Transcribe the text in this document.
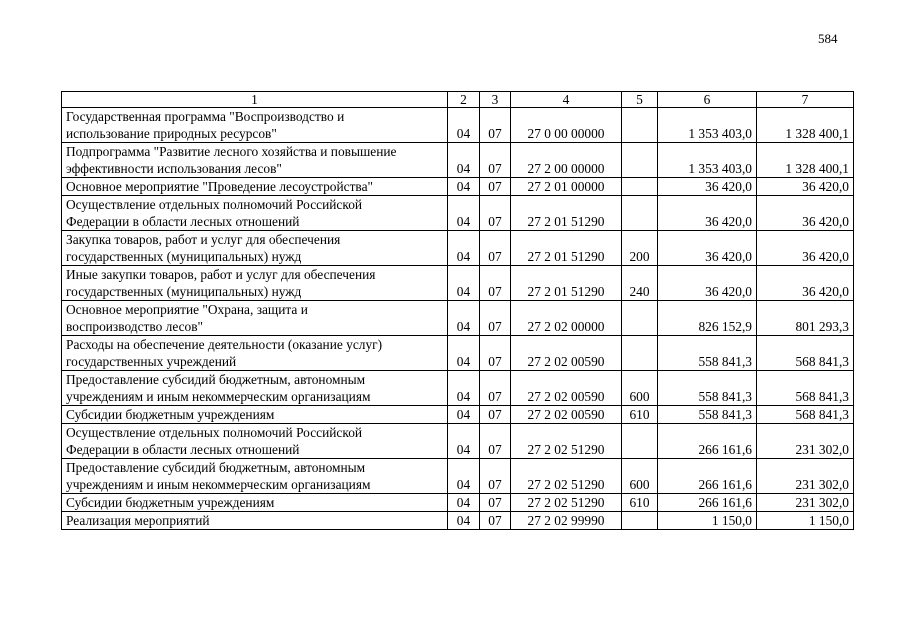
584
1	2	3	4	5	6	7

Государственная программа "Воспроизводство и
использование природных ресурсов"	04	07	27 0 00 00000		1 353 403,0	1 328 400,1

Подпрограмма "Развитие лесного хозяйства и повышение
эффективности использования лесов"	04	07	27 2 00 00000		1 353 403,0	1 328 400,1

Основное мероприятие "Проведение лесоустройства"	04	07	27 2 01 00000		36 420,0	36 420,0

Осуществление отдельных полномочий Российской
Федерации в области лесных отношений	04	07	27 2 01 51290		36 420,0	36 420,0

Закупка товаров, работ и услуг для обеспечения
государственных (муниципальных) нужд	04	07	27 2 01 51290	200	36 420,0	36 420,0

Иные закупки товаров, работ и услуг для обеспечения
государственных (муниципальных) нужд	04	07	27 2 01 51290	240	36 420,0	36 420,0

Основное мероприятие "Охрана, защита и
воспроизводство лесов"	04	07	27 2 02 00000		826 152,9	801 293,3

Расходы на обеспечение деятельности (оказание услуг)
государственных учреждений	04	07	27 2 02 00590		558 841,3	568 841,3

Предоставление субсидий бюджетным, автономным
учреждениям и иным некоммерческим организациям	04	07	27 2 02 00590	600	558 841,3	568 841,3

Субсидии бюджетным учреждениям	04	07	27 2 02 00590	610	558 841,3	568 841,3

Осуществление отдельных полномочий Российской
Федерации в области лесных отношений	04	07	27 2 02 51290		266 161,6	231 302,0

Предоставление субсидий бюджетным, автономным
учреждениям и иным некоммерческим организациям	04	07	27 2 02 51290	600	266 161,6	231 302,0

Субсидии бюджетным учреждениям	04	07	27 2 02 51290	610	266 161,6	231 302,0

Реализация мероприятий	04	07	27 2 02 99990		1 150,0	1 150,0
